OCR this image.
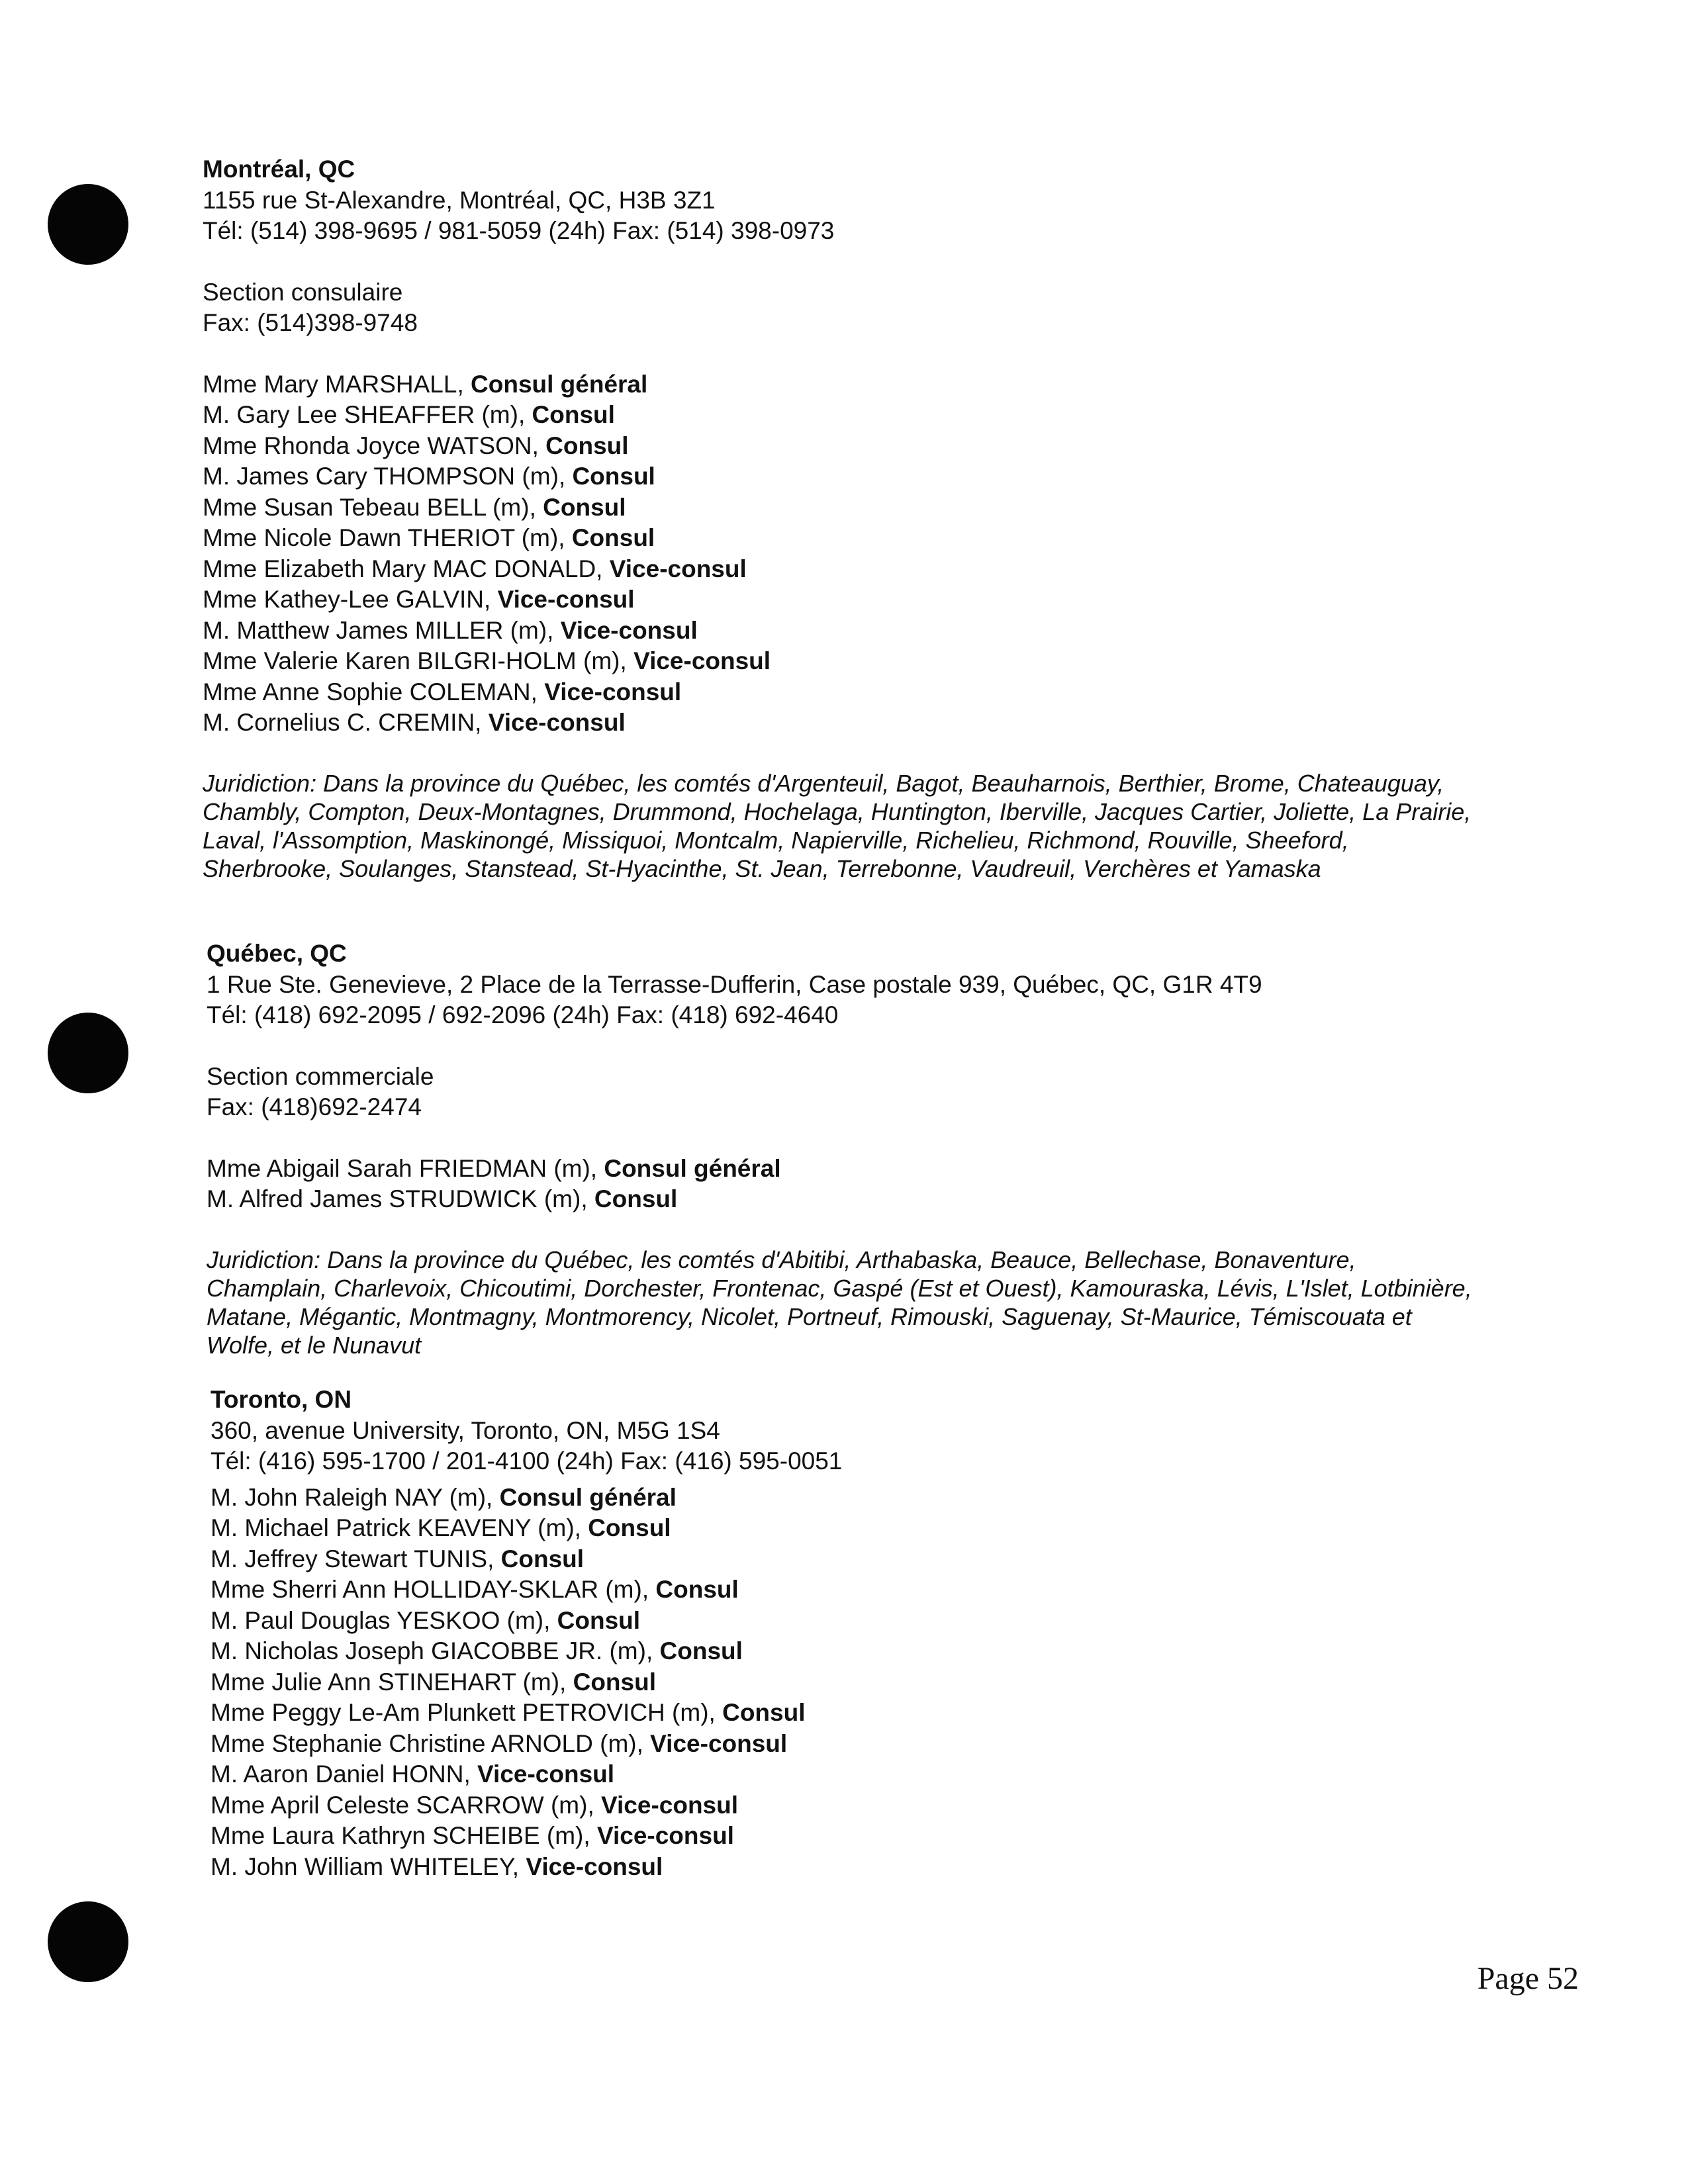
Montréal, QC
1155 rue St-Alexandre, Montréal, QC, H3B 3Z1
Tél: (514) 398-9695 / 981-5059 (24h) Fax: (514) 398-0973
Section consulaire
Fax: (514)398-9748
Mme Mary MARSHALL, Consul général
M. Gary Lee SHEAFFER (m), Consul
Mme Rhonda Joyce WATSON, Consul
M. James Cary THOMPSON (m), Consul
Mme Susan Tebeau BELL (m), Consul
Mme Nicole Dawn THERIOT (m), Consul
Mme Elizabeth Mary MAC DONALD, Vice-consul
Mme Kathey-Lee GALVIN, Vice-consul
M. Matthew James MILLER (m), Vice-consul
Mme Valerie Karen BILGRI-HOLM (m), Vice-consul
Mme Anne Sophie COLEMAN, Vice-consul
M. Cornelius C. CREMIN, Vice-consul
Juridiction: Dans la province du Québec, les comtés d'Argenteuil, Bagot, Beauharnois, Berthier, Brome, Chateauguay,
Chambly, Compton, Deux-Montagnes, Drummond, Hochelaga, Huntington, Iberville, Jacques Cartier, Joliette, La Prairie,
Laval, l'Assomption, Maskinongé, Missiquoi, Montcalm, Napierville, Richelieu, Richmond, Rouville, Sheeford,
Sherbrooke, Soulanges, Stanstead, St-Hyacinthe, St. Jean, Terrebonne, Vaudreuil, Verchères et Yamaska
Québec, QC
1 Rue Ste. Genevieve, 2 Place de la Terrasse-Dufferin, Case postale 939, Québec, QC, G1R 4T9
Tél: (418) 692-2095 / 692-2096 (24h) Fax: (418) 692-4640
Section commerciale
Fax: (418)692-2474
Mme Abigail Sarah FRIEDMAN (m), Consul général
M. Alfred James STRUDWICK (m), Consul
Juridiction: Dans la province du Québec, les comtés d'Abitibi, Arthabaska, Beauce, Bellechase, Bonaventure,
Champlain, Charlevoix, Chicoutimi, Dorchester, Frontenac, Gaspé (Est et Ouest), Kamouraska, Lévis, L'Islet, Lotbinière,
Matane, Mégantic, Montmagny, Montmorency, Nicolet, Portneuf, Rimouski, Saguenay, St-Maurice, Témiscouata et
Wolfe, et le Nunavut
Toronto, ON
360, avenue University, Toronto, ON, M5G 1S4
Tél: (416) 595-1700 / 201-4100 (24h) Fax: (416) 595-0051
M. John Raleigh NAY (m), Consul général
M. Michael Patrick KEAVENY (m), Consul
M. Jeffrey Stewart TUNIS, Consul
Mme Sherri Ann HOLLIDAY-SKLAR (m), Consul
M. Paul Douglas YESKOO (m), Consul
M. Nicholas Joseph GIACOBBE JR. (m), Consul
Mme Julie Ann STINEHART (m), Consul
Mme Peggy Le-Am Plunkett PETROVICH (m), Consul
Mme Stephanie Christine ARNOLD (m), Vice-consul
M. Aaron Daniel HONN, Vice-consul
Mme April Celeste SCARROW (m), Vice-consul
Mme Laura Kathryn SCHEIBE (m), Vice-consul
M. John William WHITELEY, Vice-consul
Page 52
